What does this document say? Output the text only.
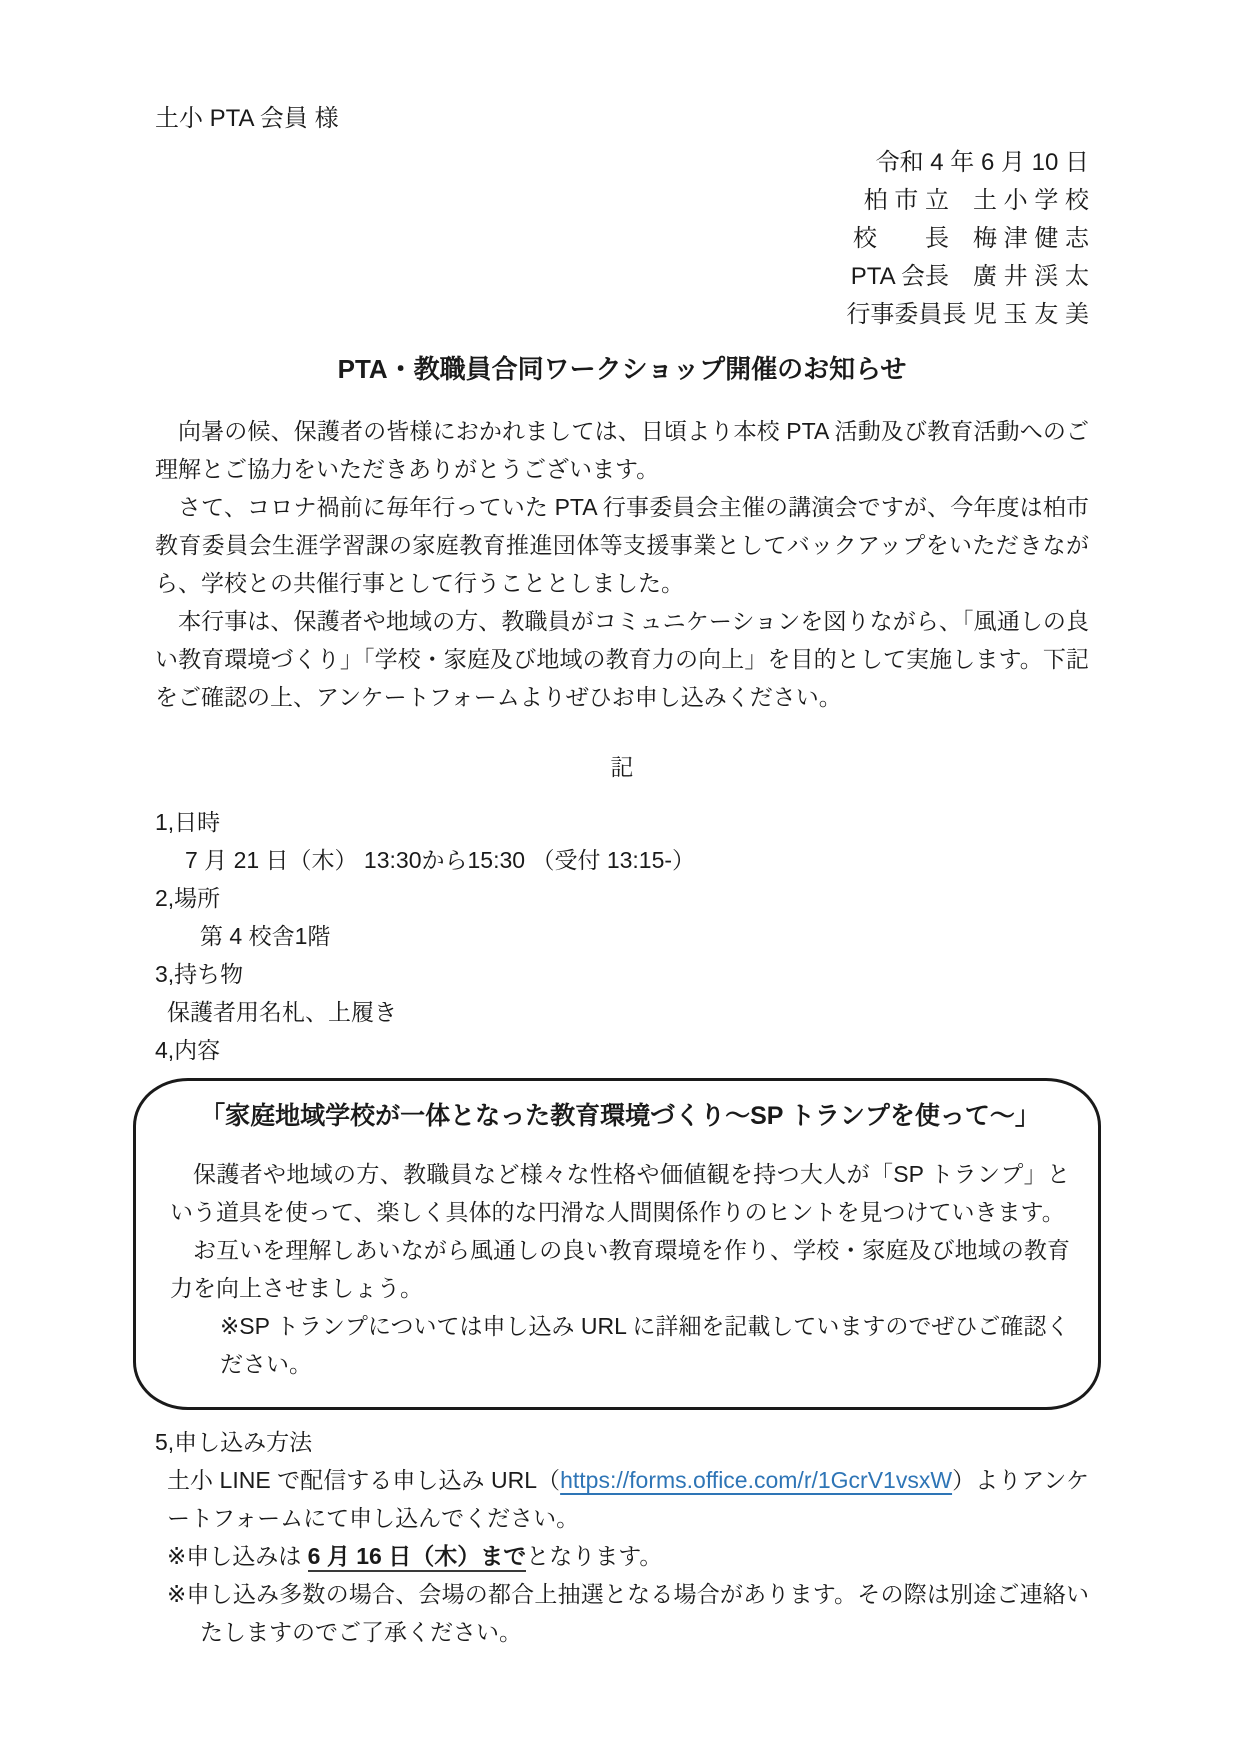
土小 PTA 会員 様
令和 4 年 6 月 10 日
柏 市 立　土 小 学 校
校　　長　梅 津 健 志
PTA 会長　廣 井 渓 太
行事委員長 児 玉 友 美
PTA・教職員合同ワークショップ開催のお知らせ

向暑の候、保護者の皆様におかれましては、日頃より本校 PTA 活動及び教育活動へのご理解とご協力をいただきありがとうございます。

さて、コロナ禍前に毎年行っていた PTA 行事委員会主催の講演会ですが、今年度は柏市教育委員会生涯学習課の家庭教育推進団体等支援事業としてバックアップをいただきながら、学校との共催行事として行うこととしました。

本行事は、保護者や地域の方、教職員がコミュニケーションを図りながら、「風通しの良い教育環境づくり」「学校・家庭及び地域の教育力の向上」を目的として実施します。下記をご確認の上、アンケートフォームよりぜひお申し込みください。

記
1,日時
7 月 21 日（木） 13:30から15:30 （受付 13:15-）
2,場所
第 4 校舎1階
3,持ち物
保護者用名札、上履き
4,内容
「家庭地域学校が一体となった教育環境づくり～SP トランプを使って～」

保護者や地域の方、教職員など様々な性格や価値観を持つ大人が「SP トランプ」という道具を使って、楽しく具体的な円滑な人間関係作りのヒントを見つけていきます。

お互いを理解しあいながら風通しの良い教育環境を作り、学校・家庭及び地域の教育力を向上させましょう。

※SP トランプについては申し込み URL に詳細を記載していますのでぜひご確認ください。
5,申し込み方法

土小 LINE で配信する申し込み URL（https://forms.office.com/r/1GcrV1vsxW）よりアンケートフォームにて申し込んでください。

※申し込みは 6 月 16 日（木）までとなります。

※申し込み多数の場合、会場の都合上抽選となる場合があります。その際は別途ご連絡いたしますのでご了承ください。
